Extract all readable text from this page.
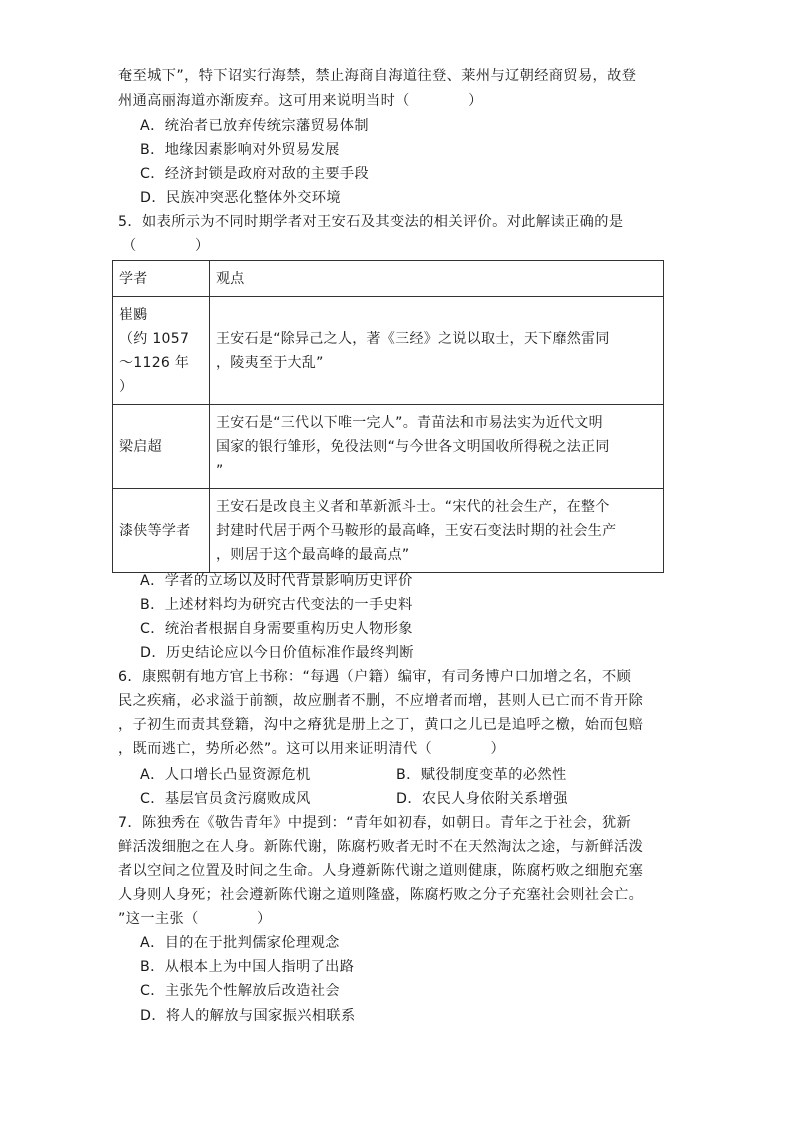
奄至城下”，特下诏实行海禁，禁止海商自海道往登、莱州与辽朝经商贸易，故登
州通高丽海道亦渐废弃。这可用来说明当时（　　　　）
A．统治者已放弃传统宗藩贸易体制
B．地缘因素影响对外贸易发展
C．经济封锁是政府对敌的主要手段
D．民族冲突恶化整体外交环境
5．如表所示为不同时期学者对王安石及其变法的相关评价。对此解读正确的是
（　　　　）
学者	观点

崔鶠
（约 1057
～1126 年
）	王安石是“除异己之人，著《三经》之说以取士，天下靡然雷同
，陵夷至于大乱”

梁启超	王安石是“三代以下唯一完人”。青苗法和市易法实为近代文明
国家的银行雏形，免役法则“与今世各文明国收所得税之法正同
”

漆侠等学者	王安石是改良主义者和革新派斗士。“宋代的社会生产，在整个
封建时代居于两个马鞍形的最高峰，王安石变法时期的社会生产
，则居于这个最高峰的最高点”
A．学者的立场以及时代背景影响历史评价
B．上述材料均为研究古代变法的一手史料
C．统治者根据自身需要重构历史人物形象
D．历史结论应以今日价值标准作最终判断
6．康熙朝有地方官上书称：“每遇（户籍）编审，有司务博户口加增之名，不顾
民之疾痛，必求溢于前额，故应删者不删，不应增者而增，甚则人已亡而不肯开除
，子初生而责其登籍，沟中之瘠犹是册上之丁，黄口之儿已是追呼之檄，始而包赔
，既而逃亡，势所必然”。这可以用来证明清代（　　　　）
A．人口增长凸显资源危机	B．赋役制度变革的必然性
C．基层官员贪污腐败成风	D．农民人身依附关系增强
7．陈独秀在《敬告青年》中提到：“青年如初春，如朝日。青年之于社会，犹新
鲜活泼细胞之在人身。新陈代谢，陈腐朽败者无时不在天然淘汰之途，与新鲜活泼
者以空间之位置及时间之生命。人身遵新陈代谢之道则健康，陈腐朽败之细胞充塞
人身则人身死；社会遵新陈代谢之道则隆盛，陈腐朽败之分子充塞社会则社会亡。
”这一主张（　　　　）
A．目的在于批判儒家伦理观念
B．从根本上为中国人指明了出路
C．主张先个性解放后改造社会
D．将人的解放与国家振兴相联系
